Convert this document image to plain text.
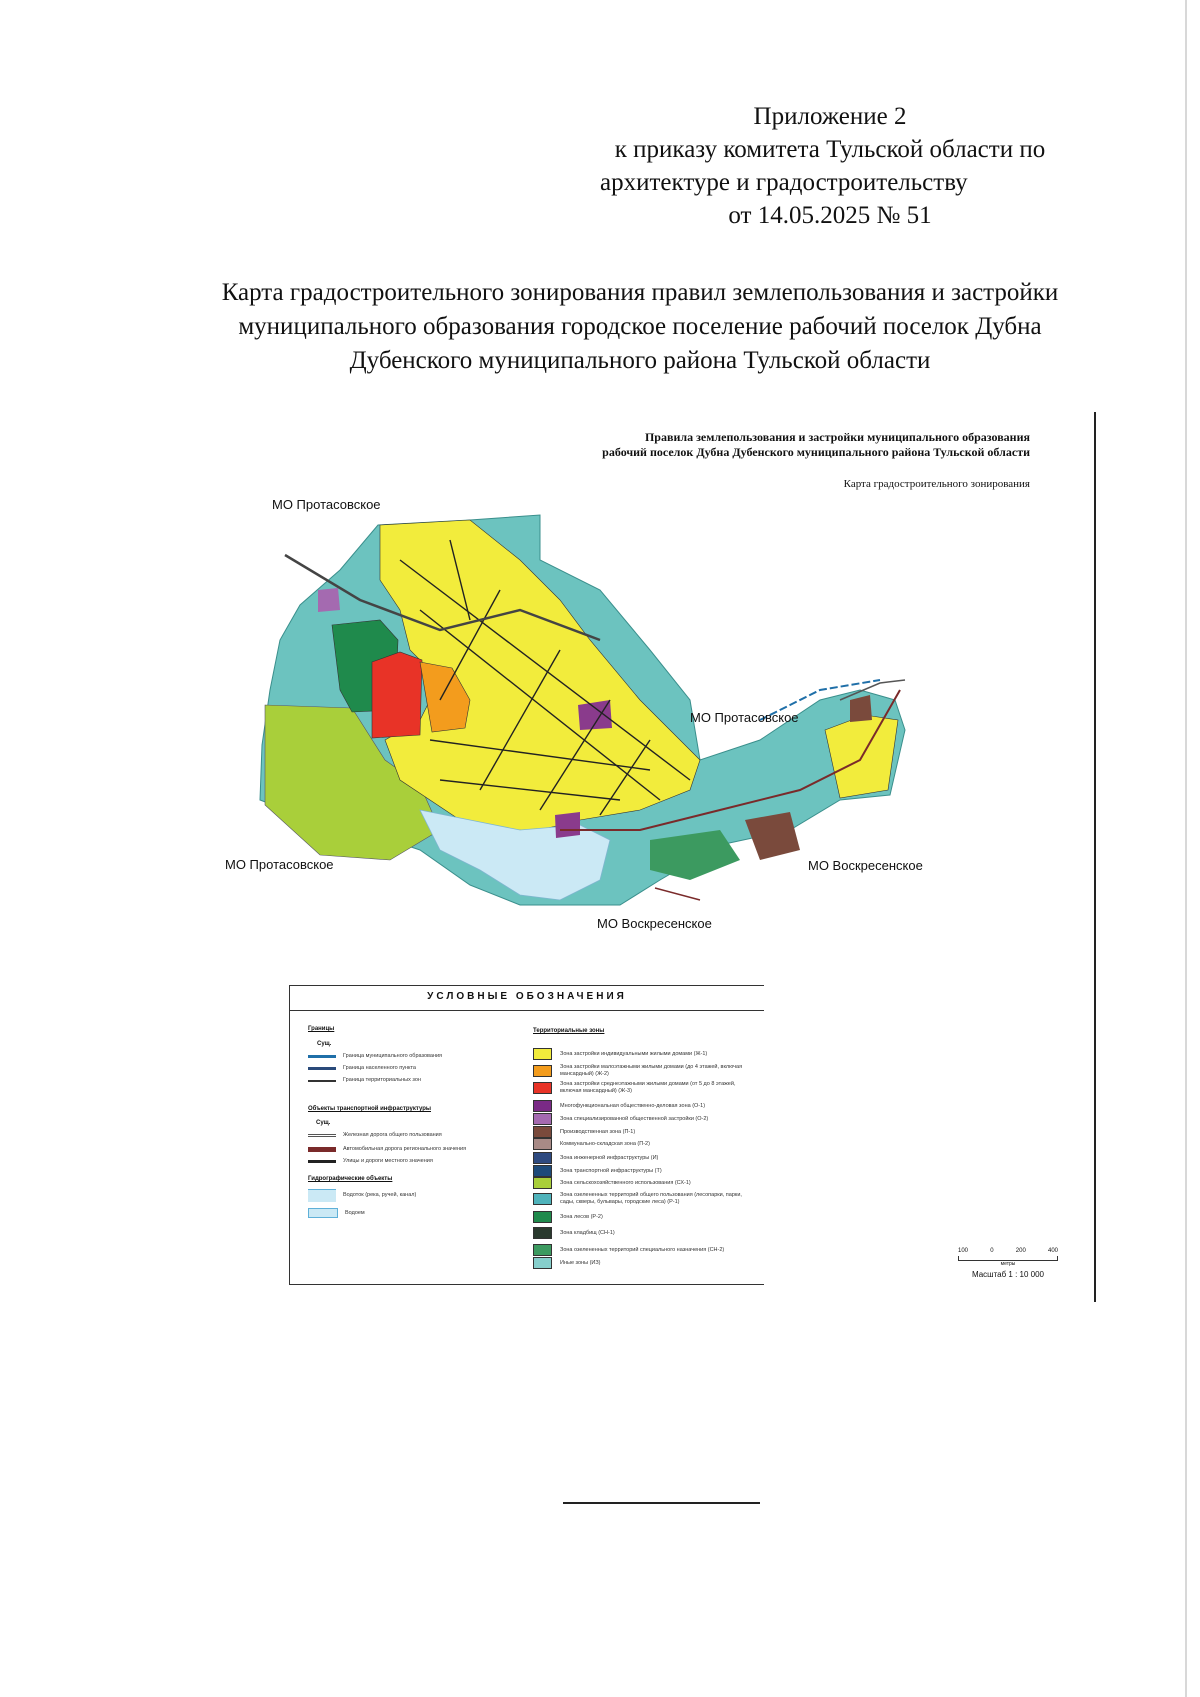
Приложение 2
к приказу комитета Тульской области по
архитектуре и градостроительству
от 14.05.2025 № 51
Карта градостроительного зонирования правил землепользования и застройки
муниципального образования городское поселение рабочий поселок Дубна
Дубенского муниципального района Тульской области
Правила землепользования и застройки муниципального образования
рабочий поселок Дубна Дубенского муниципального района Тульской области
Карта градостроительного зонирования
МО Протасовское
МО Протасовское
МО Протасовское	МО Воскресенское
МО Воскресенское
УСЛОВНЫЕ ОБОЗНАЧЕНИЯ
Границы
Сущ.
Граница муниципального образования
Граница населенного пункта
Граница территориальных зон
Объекты транспортной инфраструктуры
Сущ.
Железная дорога общего пользования
Автомобильная дорога регионального значения
Улицы и дороги местного значения
Гидрографические объекты
Водоток (река, ручей, канал)
Водоем
Территориальные зоны
Зона застройки индивидуальными жилыми домами (Ж-1)
Зона застройки малоэтажными жилыми домами (до 4 этажей, включая мансардный) (Ж-2)
Зона застройки среднеэтажными жилыми домами (от 5 до 8 этажей, включая мансардный) (Ж-3)
Многофункциональная общественно-деловая зона (О-1)
Зона специализированной общественной застройки (О-2)
Производственная зона (П-1)
Коммунально-складская зона (П-2)
Зона инженерной инфраструктуры (И)
Зона транспортной инфраструктуры (Т)
Зона сельскохозяйственного использования (СХ-1)
Зона озелененных территорий общего пользования (лесопарки, парки, сады, скверы, бульвары, городские леса) (Р-1)
Зона лесов (Р-2)
Зона кладбищ (СН-1)
Зона озелененных территорий специального назначения (СН-2)
Иные зоны (ИЗ)
100	0	200	400
метры
Масштаб 1 : 10 000
